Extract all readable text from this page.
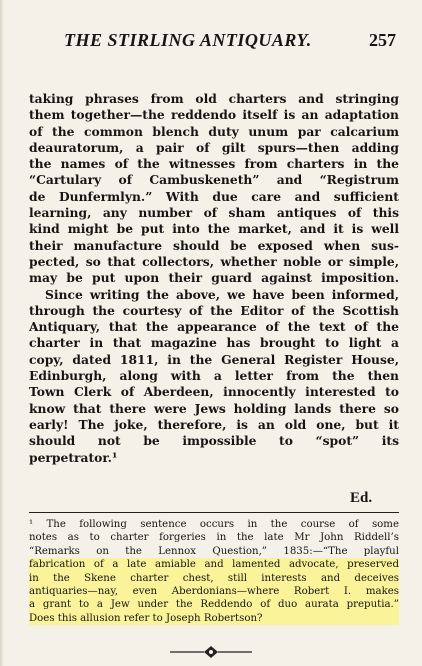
THE STIRLING ANTIQUARY.	257
taking phrases from old charters and stringing
them together—the reddendo itself is an adaptation
of the common blench duty unum par calcarium
deauratorum, a pair of gilt spurs—then adding
the names of the witnesses from charters in the
“Cartulary of Cambuskeneth” and “Registrum
de Dunfermlyn.” With due care and sufficient
learning, any number of sham antiques of this
kind might be put into the market, and it is well
their manufacture should be exposed when sus-
pected, so that collectors, whether noble or simple,
may be put upon their guard against imposition.
Since writing the above, we have been informed,
through the courtesy of the Editor of the Scottish
Antiquary, that the appearance of the text of the
charter in that magazine has brought to light a
copy, dated 1811, in the General Register House,
Edinburgh, along with a letter from the then
Town Clerk of Aberdeen, innocently interested to
know that there were Jews holding lands there so
early! The joke, therefore, is an old one, but it
should not be impossible to “spot” its
perpetrator.¹
Ed.
¹ The following sentence occurs in the course of some
notes as to charter forgeries in the late Mr John Riddell’s
“Remarks on the Lennox Question,” 1835:—“The playful
fabrication of a late amiable and lamented advocate, preserved
in the Skene charter chest, still interests and deceives
antiquaries—nay, even Aberdonians—where Robert I. makes
a grant to a Jew under the Reddendo of duo aurata preputia.”
Does this allusion refer to Joseph Robertson?
